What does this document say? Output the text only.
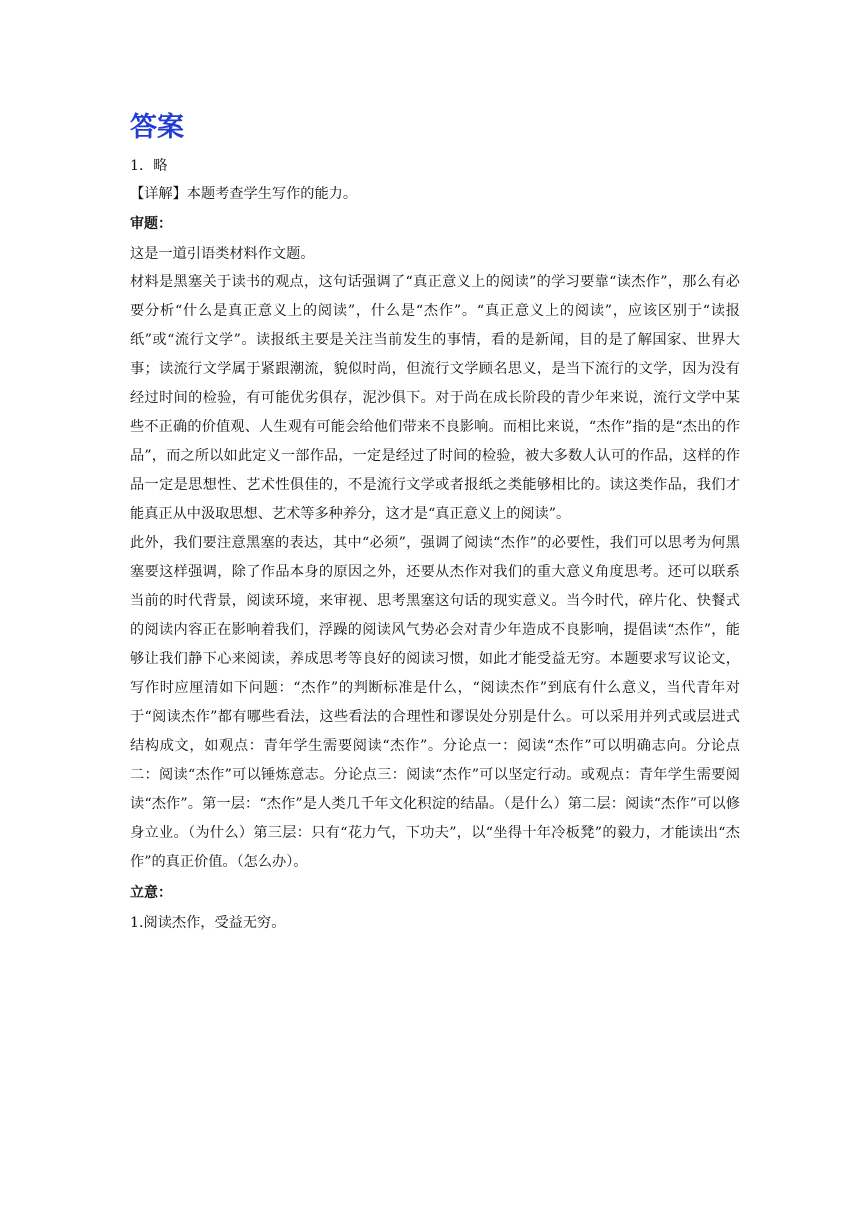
答案
1．略
【详解】本题考查学生写作的能力。
审题：
这是一道引语类材料作文题。
材料是黑塞关于读书的观点，这句话强调了“真正意义上的阅读”的学习要靠“读杰作”，那么有必要分析“什么是真正意义上的阅读”，什么是“杰作”。“真正意义上的阅读”，应该区别于“读报纸”或“流行文学”。读报纸主要是关注当前发生的事情，看的是新闻，目的是了解国家、世界大事；读流行文学属于紧跟潮流，貌似时尚，但流行文学顾名思义，是当下流行的文学，因为没有经过时间的检验，有可能优劣俱存，泥沙俱下。对于尚在成长阶段的青少年来说，流行文学中某些不正确的价值观、人生观有可能会给他们带来不良影响。而相比来说，“杰作”指的是“杰出的作品”，而之所以如此定义一部作品，一定是经过了时间的检验，被大多数人认可的作品，这样的作品一定是思想性、艺术性俱佳的，不是流行文学或者报纸之类能够相比的。读这类作品，我们才能真正从中汲取思想、艺术等多种养分，这才是“真正意义上的阅读”。
此外，我们要注意黑塞的表达，其中“必须”，强调了阅读“杰作”的必要性，我们可以思考为何黑塞要这样强调，除了作品本身的原因之外，还要从杰作对我们的重大意义角度思考。还可以联系当前的时代背景，阅读环境，来审视、思考黑塞这句话的现实意义。当今时代，碎片化、快餐式的阅读内容正在影响着我们，浮躁的阅读风气势必会对青少年造成不良影响，提倡读“杰作”，能够让我们静下心来阅读，养成思考等良好的阅读习惯，如此才能受益无穷。本题要求写议论文，写作时应厘清如下问题：“杰作”的判断标准是什么，“阅读杰作”到底有什么意义，当代青年对于“阅读杰作”都有哪些看法，这些看法的合理性和谬误处分别是什么。可以采用并列式或层进式结构成文，如观点：青年学生需要阅读“杰作”。分论点一：阅读“杰作”可以明确志向。分论点二：阅读“杰作”可以锤炼意志。分论点三：阅读“杰作”可以坚定行动。或观点：青年学生需要阅读“杰作”。第一层：“杰作”是人类几千年文化积淀的结晶。（是什么）第二层：阅读“杰作”可以修身立业。（为什么）第三层：只有“花力气，下功夫”，以“坐得十年冷板凳”的毅力，才能读出“杰作”的真正价值。（怎么办）。
立意：
1.阅读杰作，受益无穷。
